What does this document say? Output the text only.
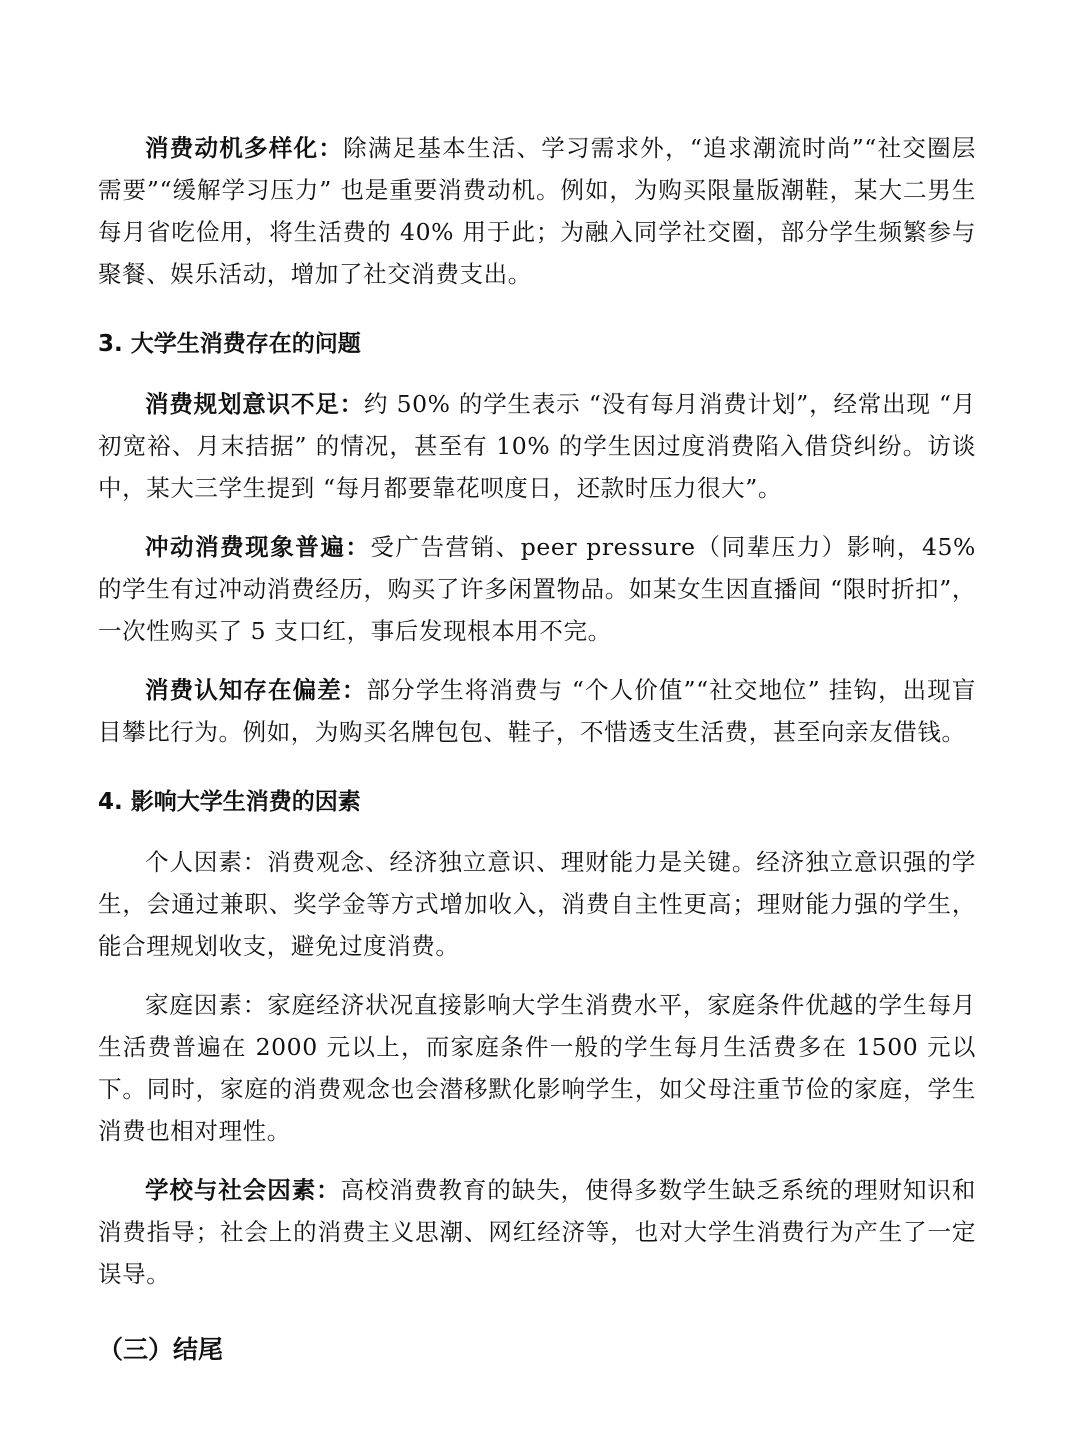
消费动机多样化：除满足基本生活、学习需求外，“追求潮流时尚”“社交圈层需要”“缓解学习压力” 也是重要消费动机。例如，为购买限量版潮鞋，某大二男生每月省吃俭用，将生活费的 40% 用于此；为融入同学社交圈，部分学生频繁参与聚餐、娱乐活动，增加了社交消费支出。

3. 大学生消费存在的问题

消费规划意识不足：约 50% 的学生表示 “没有每月消费计划”，经常出现 “月初宽裕、月末拮据” 的情况，甚至有 10% 的学生因过度消费陷入借贷纠纷。访谈中，某大三学生提到 “每月都要靠花呗度日，还款时压力很大”。

冲动消费现象普遍：受广告营销、peer pressure（同辈压力）影响，45% 的学生有过冲动消费经历，购买了许多闲置物品。如某女生因直播间 “限时折扣”，一次性购买了 5 支口红，事后发现根本用不完。

消费认知存在偏差：部分学生将消费与 “个人价值”“社交地位” 挂钩，出现盲目攀比行为。例如，为购买名牌包包、鞋子，不惜透支生活费，甚至向亲友借钱。

4. 影响大学生消费的因素

个人因素：消费观念、经济独立意识、理财能力是关键。经济独立意识强的学生，会通过兼职、奖学金等方式增加收入，消费自主性更高；理财能力强的学生，能合理规划收支，避免过度消费。

家庭因素：家庭经济状况直接影响大学生消费水平，家庭条件优越的学生每月生活费普遍在 2000 元以上，而家庭条件一般的学生每月生活费多在 1500 元以下。同时，家庭的消费观念也会潜移默化影响学生，如父母注重节俭的家庭，学生消费也相对理性。

学校与社会因素：高校消费教育的缺失，使得多数学生缺乏系统的理财知识和消费指导；社会上的消费主义思潮、网红经济等，也对大学生消费行为产生了一定误导。

（三）结尾
